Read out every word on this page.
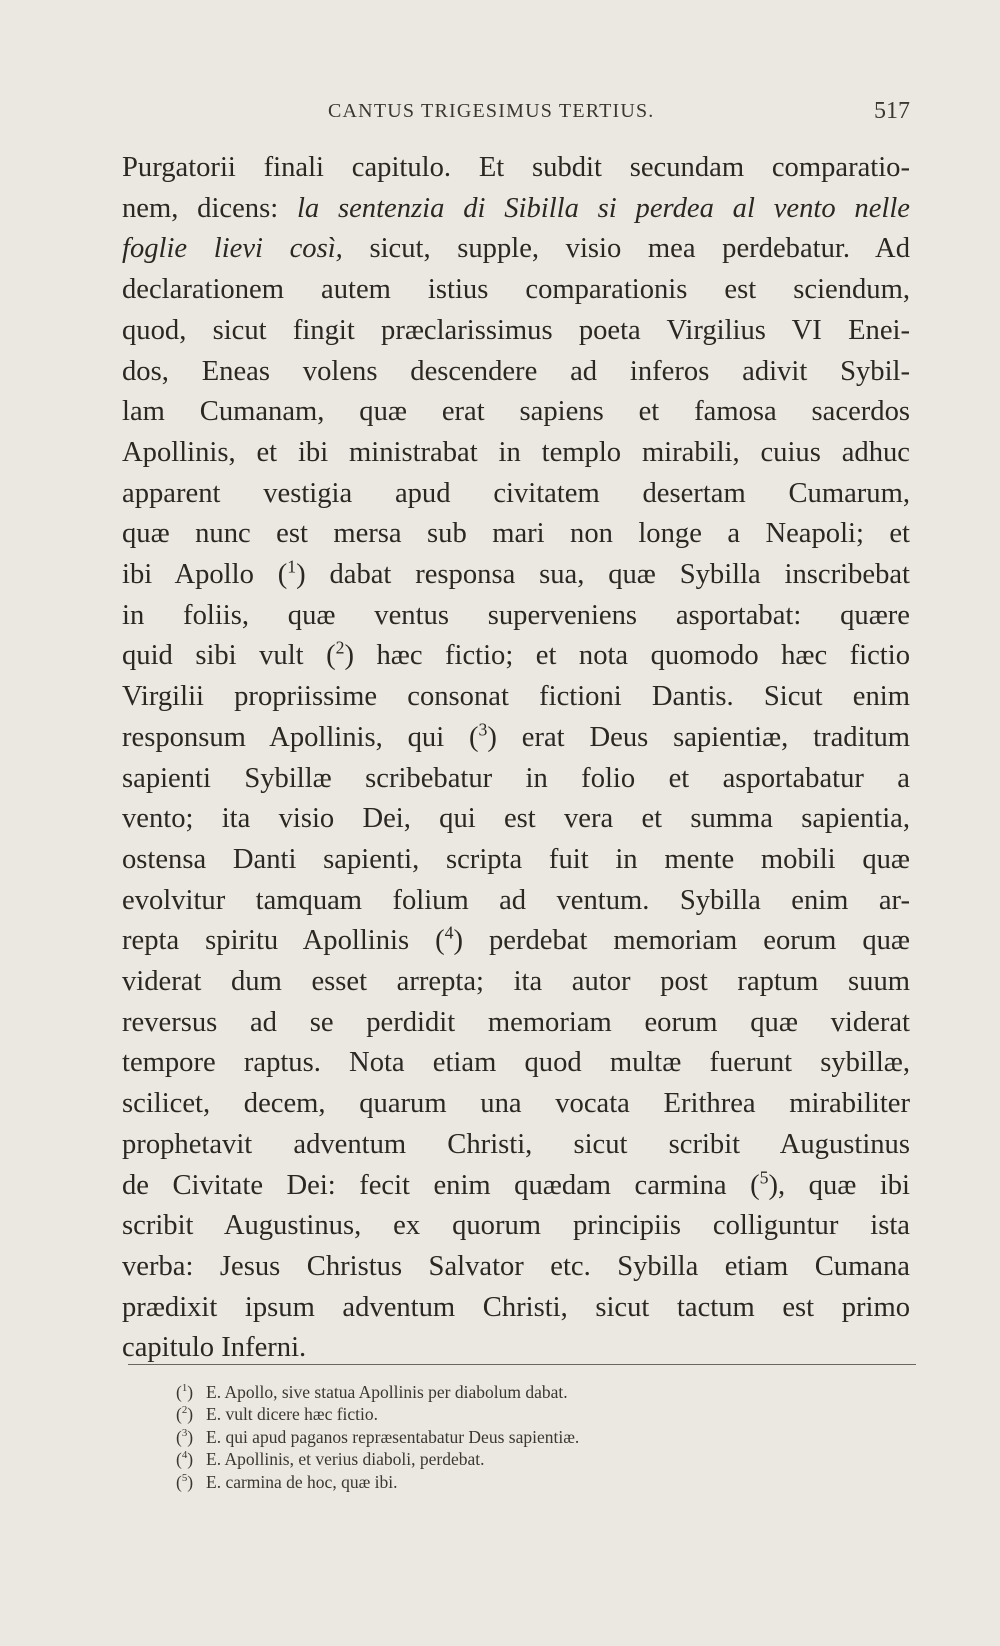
CANTUS TRIGESIMUS TERTIUS.	517
Purgatorii finali capitulo. Et subdit secundam comparatio-
nem, dicens: la sentenzia di Sibilla si perdea al vento nelle
foglie lievi così, sicut, supple, visio mea perdebatur. Ad
declarationem autem istius comparationis est sciendum,
quod, sicut fingit præclarissimus poeta Virgilius VI Enei-
dos, Eneas volens descendere ad inferos adivit Sybil-
lam Cumanam, quæ erat sapiens et famosa sacerdos
Apollinis, et ibi ministrabat in templo mirabili, cuius adhuc
apparent vestigia apud civitatem desertam Cumarum,
quæ nunc est mersa sub mari non longe a Neapoli; et
ibi Apollo ($^1$) dabat responsa sua, quæ Sybilla inscribebat
in foliis, quæ ventus superveniens asportabat: quære
quid sibi vult ($^2$) hæc fictio; et nota quomodo hæc fictio
Virgilii propriissime consonat fictioni Dantis. Sicut enim
responsum Apollinis, qui ($^3$) erat Deus sapientiæ, traditum
sapienti Sybillæ scribebatur in folio et asportabatur a
vento; ita visio Dei, qui est vera et summa sapientia,
ostensa Danti sapienti, scripta fuit in mente mobili quæ
evolvitur tamquam folium ad ventum. Sybilla enim ar-
repta spiritu Apollinis ($^4$) perdebat memoriam eorum quæ
viderat dum esset arrepta; ita autor post raptum suum
reversus ad se perdidit memoriam eorum quæ viderat
tempore raptus. Nota etiam quod multæ fuerunt sybillæ,
scilicet, decem, quarum una vocata Erithrea mirabiliter
prophetavit adventum Christi, sicut scribit Augustinus
de Civitate Dei: fecit enim quædam carmina ($^5$), quæ ibi
scribit Augustinus, ex quorum principiis colliguntur ista
verba: Jesus Christus Salvator etc. Sybilla etiam Cumana
prædixit ipsum adventum Christi, sicut tactum est primo
capitulo Inferni.
($^1$) E. Apollo, sive statua Apollinis per diabolum dabat.
($^2$) E. vult dicere hæc fictio.
($^3$) E. qui apud paganos repræsentabatur Deus sapientiæ.
($^4$) E. Apollinis, et verius diaboli, perdebat.
($^5$) E. carmina de hoc, quæ ibi.
